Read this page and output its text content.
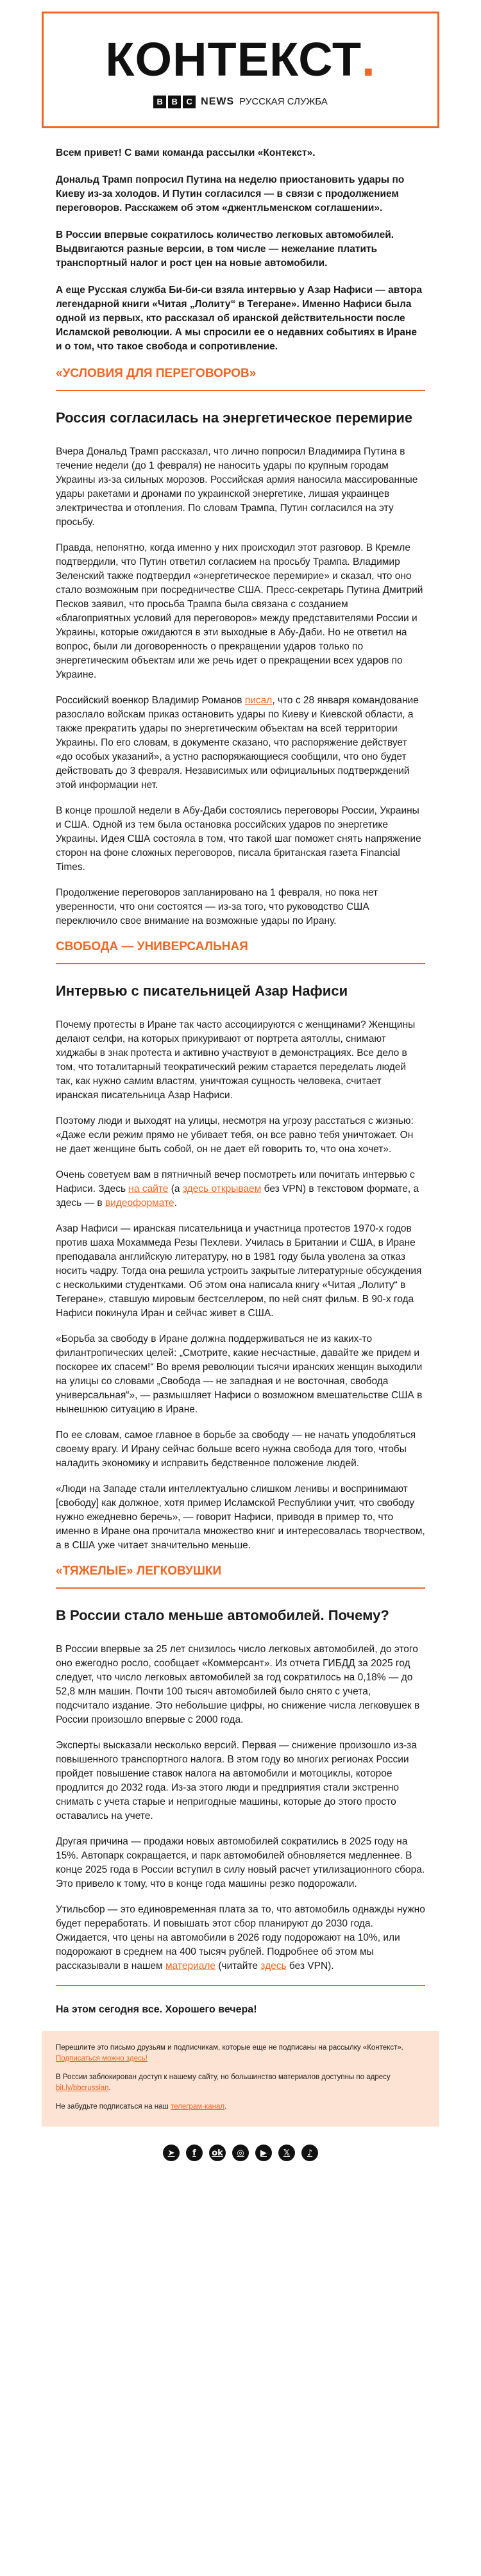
КОНТЕКСТ .
B	B	C NEWS РУССКАЯ СЛУЖБА

Всем привет! С вами команда рассылки «Контекст».

Дональд Трамп попросил Путина на неделю приостановить удары по Киеву из-за холодов. И Путин согласился — в связи с продолжением переговоров. Расскажем об этом «джентльменском соглашении».

В России впервые сократилось количество легковых автомобилей. Выдвигаются разные версии, в том числе — нежелание платить транспортный налог и рост цен на новые автомобили.

А еще Русская служба Би-би-си взяла интервью у Азар Нафиси — автора легендарной книги «Читая „Лолиту“ в Тегеране». Именно Нафиси была одной из первых, кто рассказал об иранской действительности после Исламской революции. А мы спросили ее о недавних событиях в Иране и о том, что такое свобода и сопротивление.

«УСЛОВИЯ ДЛЯ ПЕРЕГОВОРОВ»
Россия согласилась на энергетическое перемирие

Вчера Дональд Трамп рассказал, что лично попросил Владимира Путина в течение недели (до 1 февраля) не наносить удары по крупным городам Украины из-за сильных морозов. Российская армия наносила массированные удары ракетами и дронами по украинской энергетике, лишая украинцев электричества и отопления. По словам Трампа, Путин согласился на эту просьбу.

Правда, непонятно, когда именно у них происходил этот разговор. В Кремле подтвердили, что Путин ответил согласием на просьбу Трампа. Владимир Зеленский также подтвердил «энергетическое перемирие» и сказал, что оно стало возможным при посредничестве США. Пресс-секретарь Путина Дмитрий Песков заявил, что просьба Трампа была связана с созданием «благоприятных условий для переговоров» между представителями России и Украины, которые ожидаются в эти выходные в Абу-Даби. Но не ответил на вопрос, были ли договоренность о прекращении ударов только по энергетическим объектам или же речь идет о прекращении всех ударов по Украине.

Российский военкор Владимир Романов писал, что с 28 января командование разослало войскам приказ остановить удары по Киеву и Киевской области, а также прекратить удары по энергетическим объектам на всей территории Украины. По его словам, в документе сказано, что распоряжение действует «до особых указаний», а устно распоряжающиеся сообщили, что оно будет действовать до 3 февраля. Независимых или официальных подтверждений этой информации нет.

В конце прошлой недели в Абу-Даби состоялись переговоры России, Украины и США. Одной из тем была остановка российских ударов по энергетике Украины. Идея США состояла в том, что такой шаг поможет снять напряжение сторон на фоне сложных переговоров, писала британская газета Financial Times.

Продолжение переговоров запланировано на 1 февраля, но пока нет уверенности, что они состоятся — из-за того, что руководство США переключило свое внимание на возможные удары по Ирану.

СВОБОДА — УНИВЕРСАЛЬНАЯ
Интервью с писательницей Азар Нафиси

Почему протесты в Иране так часто ассоциируются с женщинами? Женщины делают селфи, на которых прикуривают от портрета аятоллы, снимают хиджабы в знак протеста и активно участвуют в демонстрациях. Все дело в том, что тоталитарный теократический режим старается переделать людей так, как нужно самим властям, уничтожая сущность человека, считает иранская писательница Азар Нафиси.

Поэтому люди и выходят на улицы, несмотря на угрозу расстаться с жизнью: «Даже если режим прямо не убивает тебя, он все равно тебя уничтожает. Он не дает женщине быть собой, он не дает ей говорить то, что она хочет».

Очень советуем вам в пятничный вечер посмотреть или почитать интервью с Нафиси. Здесь на сайте (а здесь открываем без VPN) в текстовом формате, а здесь — в видеоформате.

Азар Нафиси — иранская писательница и участница протестов 1970-х годов против шаха Мохаммеда Резы Пехлеви. Училась в Британии и США, в Иране преподавала английскую литературу, но в 1981 году была уволена за отказ носить чадру. Тогда она решила устроить закрытые литературные обсуждения с несколькими студентками. Об этом она написала книгу «Читая „Лолиту“ в Тегеране», ставшую мировым бестселлером, по ней снят фильм. В 90-х года Нафиси покинула Иран и сейчас живет в США.

«Борьба за свободу в Иране должна поддерживаться не из каких-то филантропических целей: „Смотрите, какие несчастные, давайте же придем и поскорее их спасем!“ Во время революции тысячи иранских женщин выходили на улицы со словами „Свобода — не западная и не восточная, свобода универсальная“», — размышляет Нафиси о возможном вмешательстве США в нынешнюю ситуацию в Иране.

По ее словам, самое главное в борьбе за свободу — не начать уподобляться своему врагу. И Ирану сейчас больше всего нужна свобода для того, чтобы наладить экономику и исправить бедственное положение людей.

«Люди на Западе стали интеллектуально слишком ленивы и воспринимают [свободу] как должное, хотя пример Исламской Республики учит, что свободу нужно ежедневно беречь», — говорит Нафиси, приводя в пример то, что именно в Иране она прочитала множество книг и интересовалась творчеством, а в США уже читает значительно меньше.

«ТЯЖЕЛЫЕ» ЛЕГКОВУШКИ
В России стало меньше автомобилей. Почему?

В России впервые за 25 лет снизилось число легковых автомобилей, до этого оно ежегодно росло, сообщает «Коммерсант». Из отчета ГИБДД за 2025 год следует, что число легковых автомобилей за год сократилось на 0,18% — до 52,8 млн машин. Почти 100 тысяч автомобилей было снято с учета, подсчитало издание. Это небольшие цифры, но снижение числа легковушек в России произошло впервые с 2000 года.

Эксперты высказали несколько версий. Первая — снижение произошло из-за повышенного транспортного налога. В этом году во многих регионах России пройдет повышение ставок налога на автомобили и мотоциклы, которое продлится до 2032 года. Из-за этого люди и предприятия стали экстренно снимать с учета старые и непригодные машины, которые до этого просто оставались на учете.

Другая причина — продажи новых автомобилей сократились в 2025 году на 15%. Автопарк сокращается, и парк автомобилей обновляется медленнее. В конце 2025 года в России вступил в силу новый расчет утилизационного сбора. Это привело к тому, что в конце года машины резко подорожали.

Утильсбор — это единовременная плата за то, что автомобиль однажды нужно будет переработать. И повышать этот сбор планируют до 2030 года. Ожидается, что цены на автомобили в 2026 году подорожают на 10%, или подорожают в среднем на 400 тысяч рублей. Подробнее об этом мы рассказывали в нашем материале (читайте здесь без VPN).

На этом сегодня все. Хорошего вечера!

Перешлите это письмо друзьям и подписчикам, которые еще не подписаны на рассылку «Контекст». Подписаться можно здесь!

В России заблокирован доступ к нашему сайту, но большинство материалов доступны по адресу bit.ly/bbcrussian.

Не забудьте подписаться на наш телеграм-канал.

➤	f	ok	◎	▶	𝕏	♪
